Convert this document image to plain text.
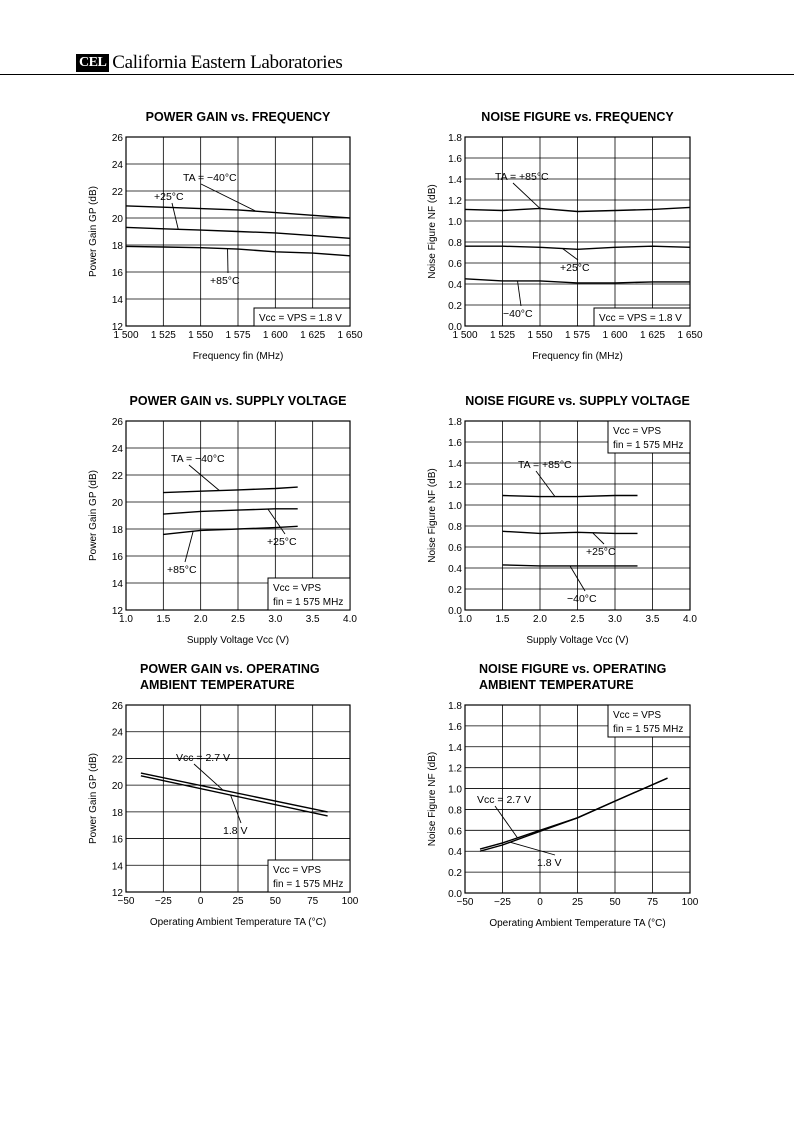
CEL California Eastern Laboratories
POWER GAIN vs. FREQUENCY
1 500 1 525 1 550 1 575 1 600 1 625 1 650
12
14
16
18
20
22
24
26
Frequency fin (MHz)
Power Gain GP (dB)
TA = −40°C
+25°C
+85°C
Vcc = VPS = 1.8 V
NOISE FIGURE vs. FREQUENCY
1 500 1 525 1 550 1 575 1 600 1 625 1 650
0.0
0.2
0.4
0.6
0.8
1.0
1.2
1.4
1.6
1.8
Frequency fin (MHz)
Noise Figure NF (dB)
TA = +85°C
+25°C
−40°C	Vcc = VPS = 1.8 V
POWER GAIN vs. SUPPLY VOLTAGE
1.0 1.5 2.0 2.5 3.0 3.5 4.0
12
14
16
18
20
22
24
26
Supply Voltage Vcc (V)
Power Gain GP (dB)
TA = −40°C
+25°C
+85°C
Vcc = VPS
fin = 1 575 MHz
NOISE FIGURE vs. SUPPLY VOLTAGE
1.0 1.5 2.0 2.5 3.0 3.5 4.0
0.0
0.2
0.4
0.6
0.8
1.0
1.2
1.4
1.6
1.8
Supply Voltage Vcc (V)
Noise Figure NF (dB)
TA = +85°C
+25°C
−40°C
Vcc = VPS
fin = 1 575 MHz
POWER GAIN vs. OPERATING
AMBIENT TEMPERATURE
−50 −25	0	25	50	75 100
12
14
16
18
20
22
24
26
Operating Ambient Temperature TA (°C)
Power Gain GP (dB)	Vcc = 2.7 V
1.8 V
Vcc = VPS
fin = 1 575 MHz
NOISE FIGURE vs. OPERATING
AMBIENT TEMPERATURE
−50 −25	0	25	50	75 100
0.0
0.2
0.4
0.6
0.8
1.0
1.2
1.4
1.6
1.8
Operating Ambient Temperature TA (°C)
Noise Figure NF (dB)	Vcc = 2.7 V
1.8 V
Vcc = VPS
fin = 1 575 MHz
